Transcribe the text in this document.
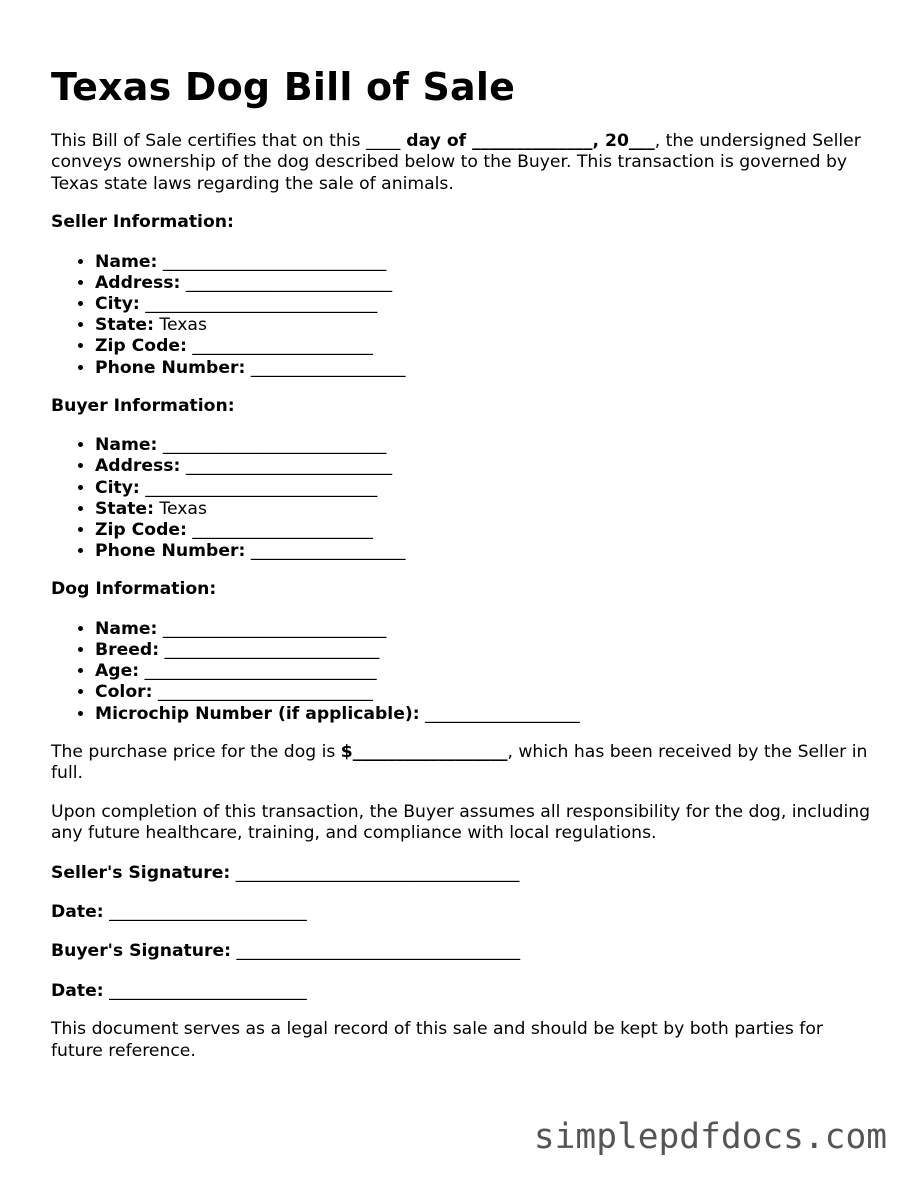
Texas Dog Bill of Sale

This Bill of Sale certifies that on this ____ day of ______________, 20___, the undersigned Seller conveys ownership of the dog described below to the Buyer. This transaction is governed by Texas state laws regarding the sale of animals.

Seller Information:
• Name: __________________________
• Address: ________________________
• City: ___________________________
• State: Texas
• Zip Code: _____________________
• Phone Number: __________________
Buyer Information:
• Name: __________________________
• Address: ________________________
• City: ___________________________
• State: Texas
• Zip Code: _____________________
• Phone Number: __________________
Dog Information:
• Name: __________________________
• Breed: _________________________
• Age: ___________________________
• Color: _________________________
• Microchip Number (if applicable): __________________

The purchase price for the dog is $__________________, which has been received by the Seller in full.

Upon completion of this transaction, the Buyer assumes all responsibility for the dog, including any future healthcare, training, and compliance with local regulations.

Seller's Signature: _________________________________
Date: _______________________
Buyer's Signature: _________________________________
Date: _______________________

This document serves as a legal record of this sale and should be kept by both parties for future reference.

simplepdfdocs.com
